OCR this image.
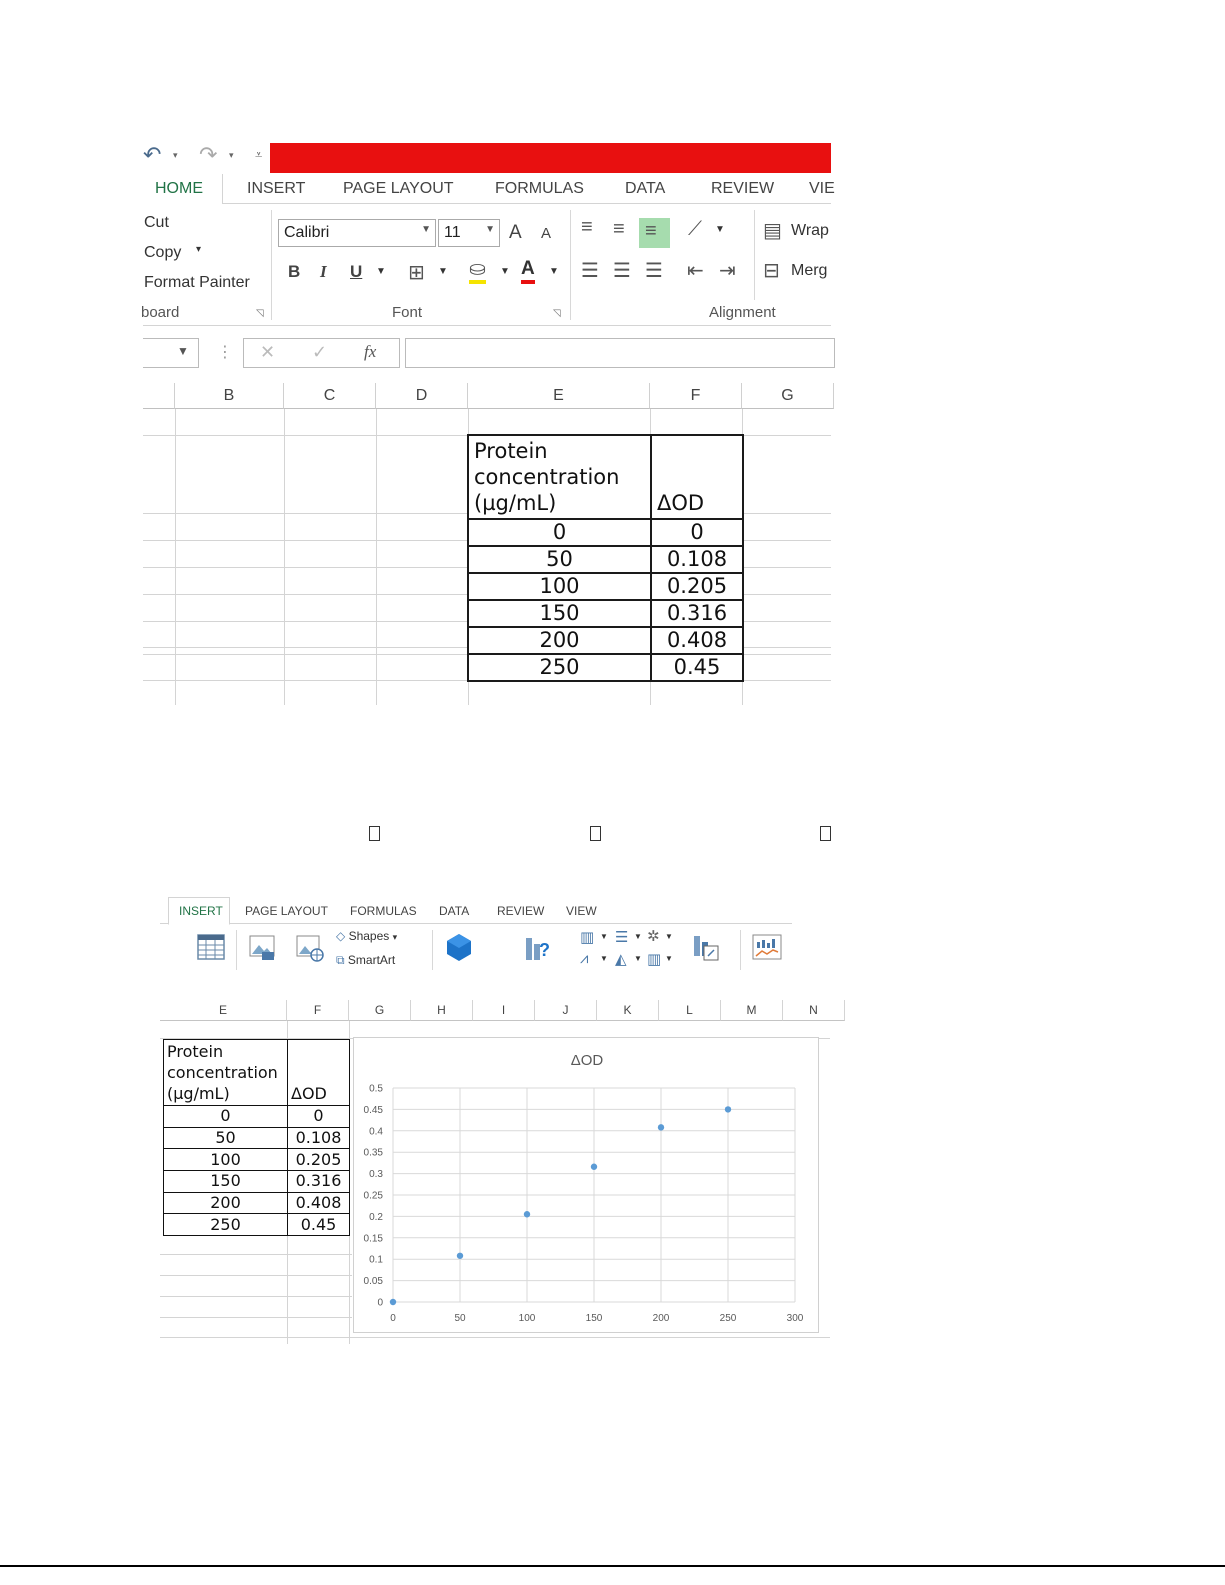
↶ ▾ ↷ ▾ ⩡
HOME	INSERT PAGE LAYOUT	FORMULAS	DATA	REVIEW VIE
Cut
Copy ▾
Format Painter
board	◹
Calibri	▼ 11 ▼ A A
B I U ▼ ⊞ ▼ ⛀ ▼ A ▼
Font	◹
≡ ≡	≡	⟋ ▼
☰ ☰ ☰ ⇤ ⇥
▤ Wrap
⊟ Merg
Alignment
▼ ⋮ ✕ ✓ fx
B	C	D	E	F	G
Protein
concentration
(µg/mL)	ΔOD
0	0
50	0.108
100	0.205
150	0.316
200	0.408
250	0.45
INSERT PAGE LAYOUT FORMULAS DATA REVIEW VIEW
◇ Shapes ▾
⧉ SmartArt	?
▥ ▼ ☰ ▼ ✲ ▼
⩘ ▼ ◭ ▼ ▥ ▼
E	F	G	H	I	J	K	L	M	N
Protein
concentration
(µg/mL)	ΔOD
0	0
50	0.108
100	0.205
150	0.316
200	0.408
250	0.45
ΔOD
0
0.05
0.1
0.15
0.2
0.25
0.3
0.35
0.4
0.45
0.5
0	50	100	150	200	250	300
